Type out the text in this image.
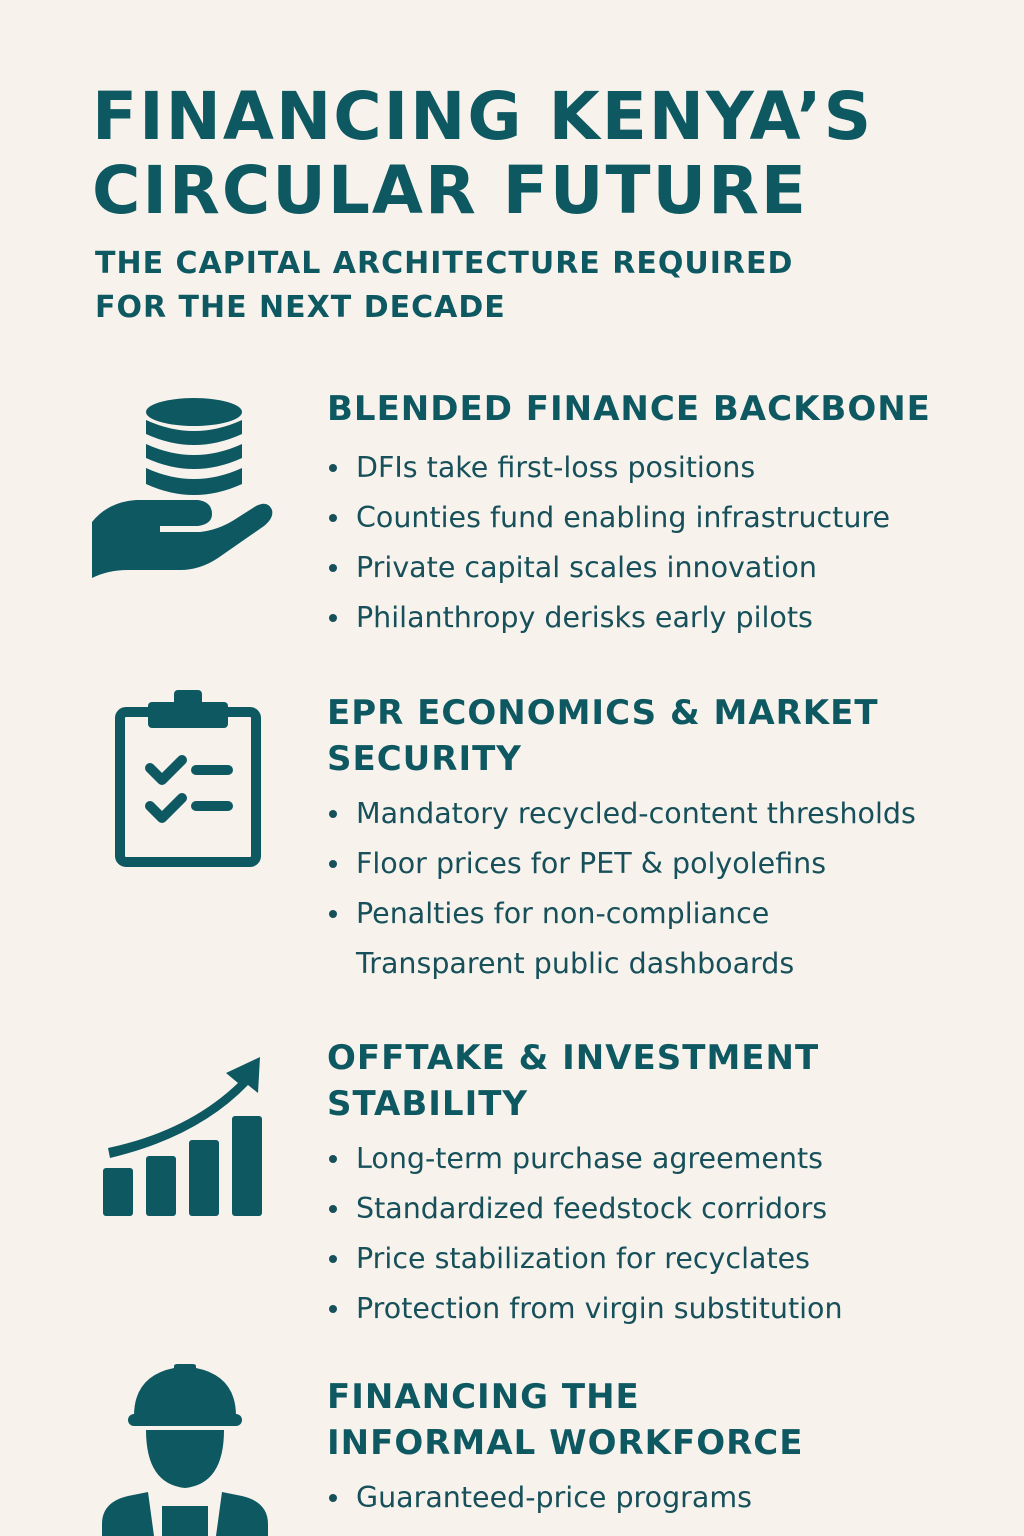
FINANCING KENYA’S
CIRCULAR FUTURE
THE CAPITAL ARCHITECTURE REQUIRED
FOR THE NEXT DECADE
BLENDED FINANCE BACKBONE
DFIs take first-loss positions
Counties fund enabling infrastructure
Private capital scales innovation
Philanthropy derisks early pilots
EPR ECONOMICS & MARKET
SECURITY
Mandatory recycled-content thresholds
Floor prices for PET & polyolefins
Penalties for non-compliance
Transparent public dashboards
OFFTAKE & INVESTMENT
STABILITY
Long-term purchase agreements
Standardized feedstock corridors
Price stabilization for recyclates
Protection from virgin substitution
FINANCING THE
INFORMAL WORKFORCE
Guaranteed-price programs
